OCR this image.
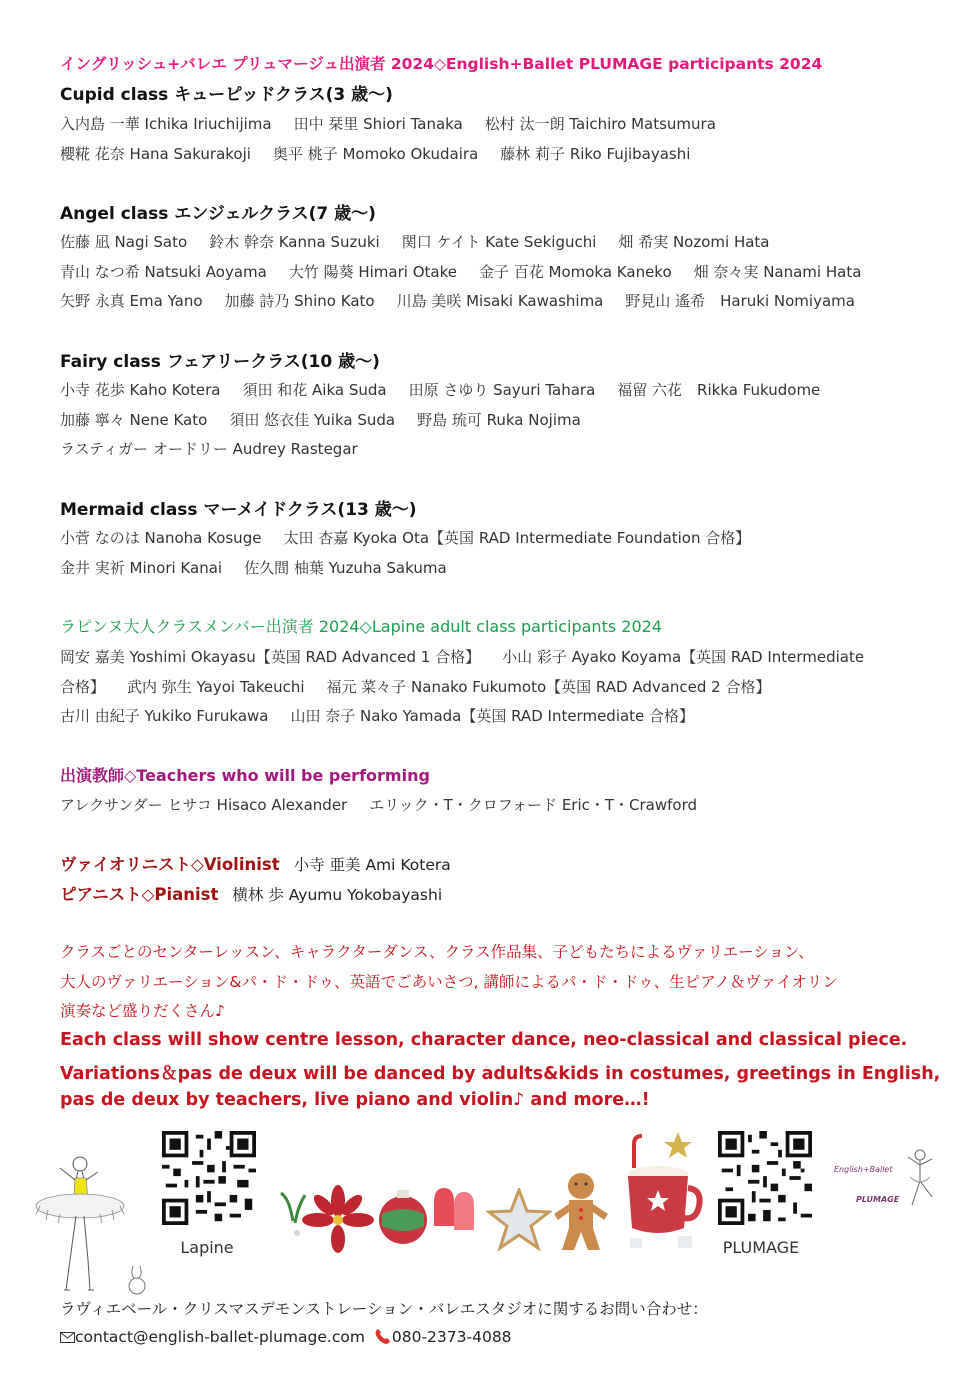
イングリッシュ+バレエ プリュマージュ出演者 2024◇English+Ballet PLUMAGE participants 2024
Cupid class キューピッドクラス(3 歳〜)
入内島 一華 Ichika Iriuchijima 田中 栞里 Shiori Tanaka 松村 汰一朗 Taichiro Matsumura
櫻糀 花奈 Hana Sakurakoji 奥平 桃子 Momoko Okudaira 藤林 莉子 Riko Fujibayashi
Angel class エンジェルクラス(7 歳〜)
佐藤 凪 Nagi Sato 鈴木 幹奈 Kanna Suzuki 関口 ケイト Kate Sekiguchi 畑 希実 Nozomi Hata
青山 なつ希 Natsuki Aoyama 大竹 陽葵 Himari Otake 金子 百花 Momoka Kaneko 畑 奈々実 Nanami Hata
矢野 永真 Ema Yano 加藤 詩乃 Shino Kato 川島 美咲 Misaki Kawashima 野見山 遙希　Haruki Nomiyama
Fairy class フェアリークラス(10 歳〜)
小寺 花歩 Kaho Kotera 須田 和花 Aika Suda 田原 さゆり Sayuri Tahara 福留 六花　Rikka Fukudome
加藤 寧々 Nene Kato 須田 悠衣佳 Yuika Suda 野島 琉可 Ruka Nojima
ラスティガー オードリー Audrey Rastegar
Mermaid class マーメイドクラス(13 歳〜)
小菅 なのは Nanoha Kosuge 太田 杏嘉 Kyoka Ota【英国 RAD Intermediate Foundation 合格】
金井 実祈 Minori Kanai 佐久間 柚葉 Yuzuha Sakuma
ラピンヌ大人クラスメンバー出演者 2024◇Lapine adult class participants 2024
岡安 嘉美 Yoshimi Okayasu【英国 RAD Advanced 1 合格】 小山 彩子 Ayako Koyama【英国 RAD Intermediate
合格】 武内 弥生 Yayoi Takeuchi 福元 菜々子 Nanako Fukumoto【英国 RAD Advanced 2 合格】
古川 由紀子 Yukiko Furukawa 山田 奈子 Nako Yamada【英国 RAD Intermediate 合格】
出演教師◇Teachers who will be performing
アレクサンダー ヒサコ Hisaco Alexander エリック・T・クロフォード Eric・T・Crawford
ヴァイオリニスト◇Violinist 小寺 亜美 Ami Kotera
ピアニスト◇Pianist 横林 歩 Ayumu Yokobayashi
クラスごとのセンターレッスン、キャラクターダンス、クラス作品集、子どもたちによるヴァリエーション、
大人のヴァリエーション&パ・ド・ドゥ、英語でごあいさつ, 講師によるパ・ド・ドゥ、生ピアノ＆ヴァイオリン
演奏など盛りだくさん♪
Each class will show centre lesson, character dance, neo-classical and classical piece.
Variations＆pas de deux will be danced by adults&kids in costumes, greetings in English,
pas de deux by teachers, live piano and violin♪ and more…!
Lapine	PLUMAGE
English+Ballet
PLUMAGE
ラヴィエベール・クリスマスデモンストレーション・バレエスタジオに関するお問い合わせ：
contact@english-ballet-plumage.com 080-2373-4088
